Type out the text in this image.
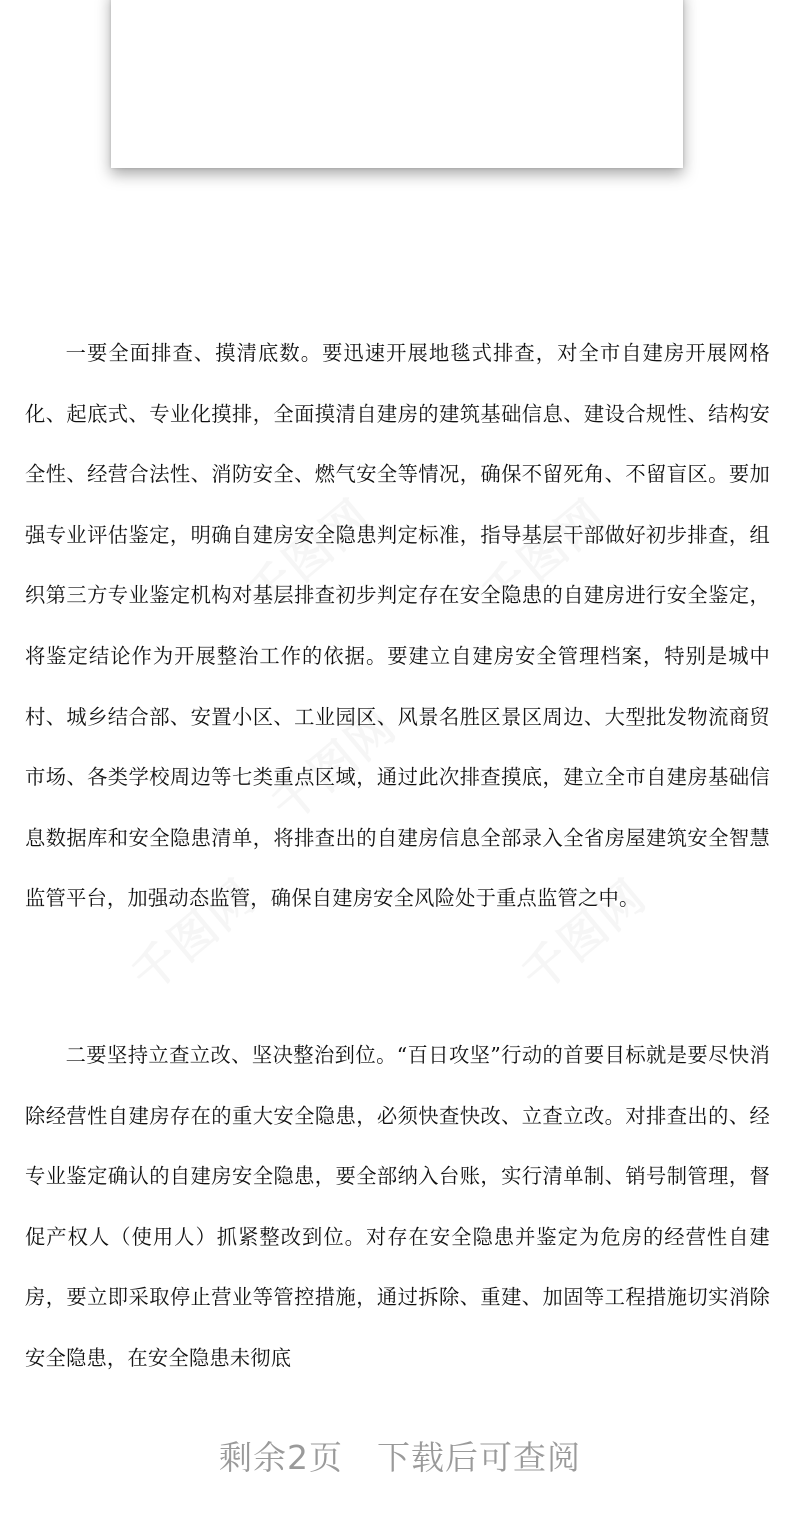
千图网 千图网
千图网
千图网	千图网

一要全面排查、摸清底数。要迅速开展地毯式排查，对全市自建房开展网格化、起底式、专业化摸排，全面摸清自建房的建筑基础信息、建设合规性、结构安全性、经营合法性、消防安全、燃气安全等情况，确保不留死角、不留盲区。要加强专业评估鉴定，明确自建房安全隐患判定标准，指导基层干部做好初步排查，组织第三方专业鉴定机构对基层排查初步判定存在安全隐患的自建房进行安全鉴定，将鉴定结论作为开展整治工作的依据。要建立自建房安全管理档案，特别是城中村、城乡结合部、安置小区、工业园区、风景名胜区景区周边、大型批发物流商贸市场、各类学校周边等七类重点区域，通过此次排查摸底，建立全市自建房基础信息数据库和安全隐患清单，将排查出的自建房信息全部录入全省房屋建筑安全智慧监管平台，加强动态监管，确保自建房安全风险处于重点监管之中。

二要坚持立查立改、坚决整治到位。“百日攻坚”行动的首要目标就是要尽快消除经营性自建房存在的重大安全隐患，必须快查快改、立查立改。对排查出的、经专业鉴定确认的自建房安全隐患，要全部纳入台账，实行清单制、销号制管理，督促产权人（使用人）抓紧整改到位。对存在安全隐患并鉴定为危房的经营性自建房，要立即采取停止营业等管控措施，通过拆除、重建、加固等工程措施切实消除安全隐患，在安全隐患未彻底

剩余2页 下载后可查阅
